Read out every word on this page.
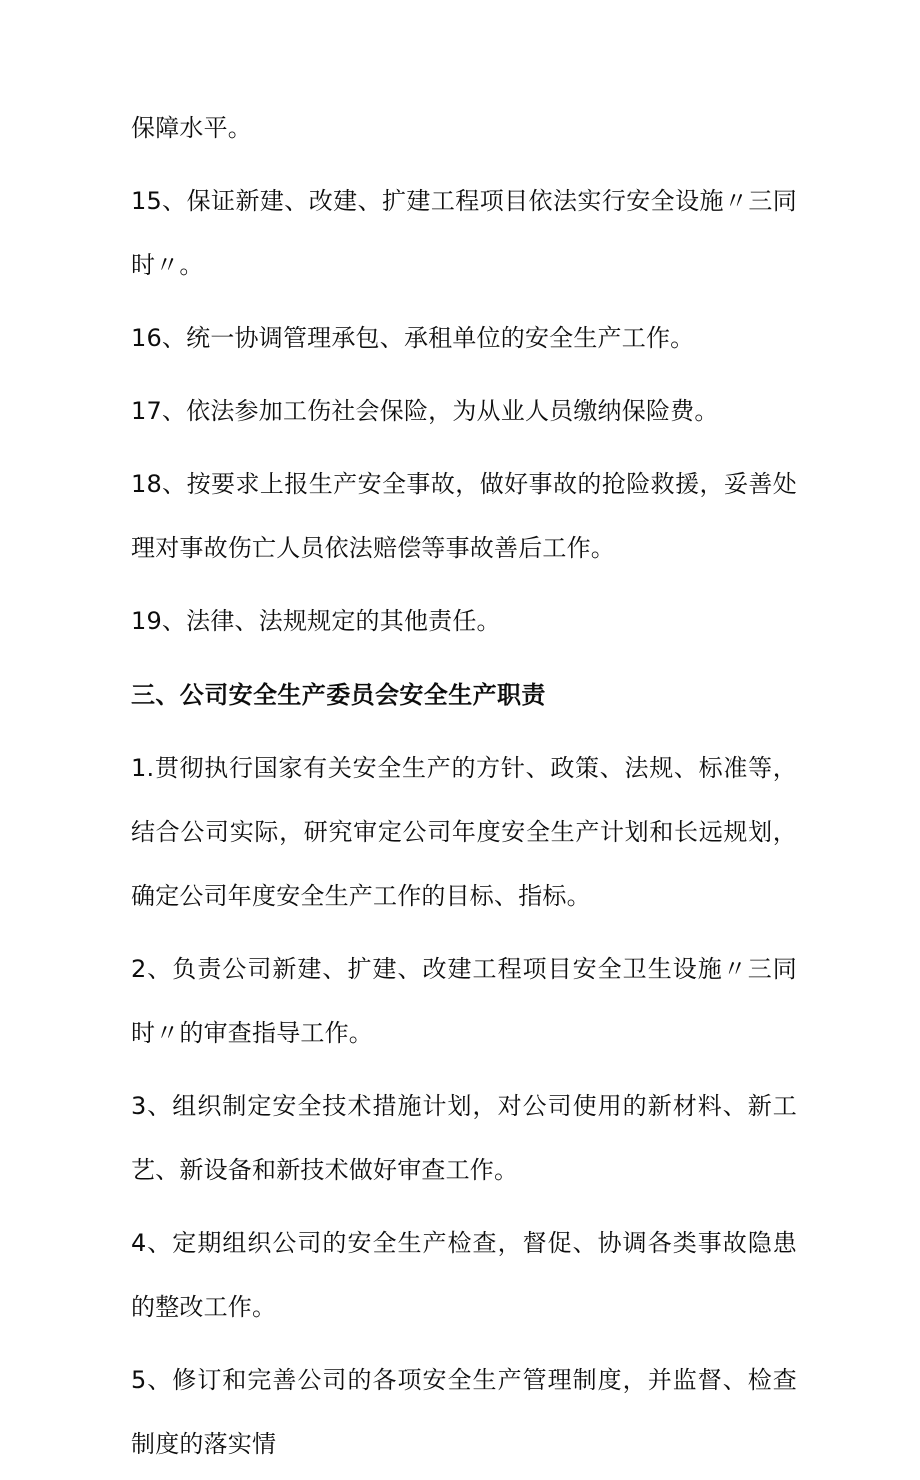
保障水平。

15、保证新建、改建、扩建工程项目依法实行安全设施〃三同时〃。

16、统一协调管理承包、承租单位的安全生产工作。

17、依法参加工伤社会保险，为从业人员缴纳保险费。

18、按要求上报生产安全事故，做好事故的抢险救援，妥善处理对事故伤亡人员依法赔偿等事故善后工作。

19、法律、法规规定的其他责任。

三、公司安全生产委员会安全生产职责

1.贯彻执行国家有关安全生产的方针、政策、法规、标准等，结合公司实际，研究审定公司年度安全生产计划和长远规划，确定公司年度安全生产工作的目标、指标。

2、负责公司新建、扩建、改建工程项目安全卫生设施〃三同时〃的审查指导工作。

3、组织制定安全技术措施计划，对公司使用的新材料、新工艺、新设备和新技术做好审查工作。

4、定期组织公司的安全生产检查，督促、协调各类事故隐患的整改工作。

5、修订和完善公司的各项安全生产管理制度，并监督、检查制度的落实情
